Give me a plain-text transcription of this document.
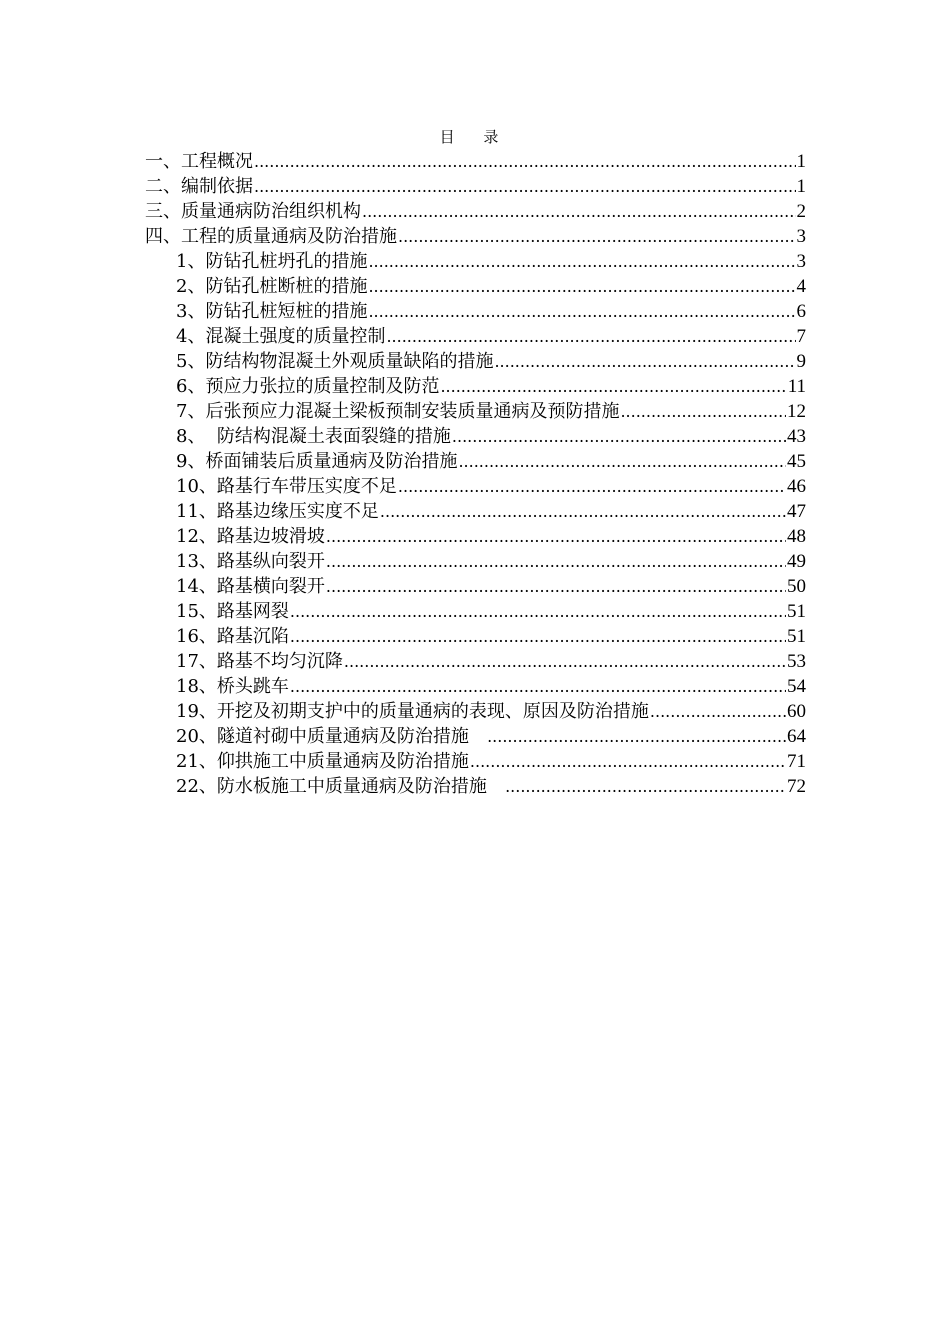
目 录
一、工程概况 .....	1
二、编制依据 .....	1
三、质量通病防治组织机构 .....	2
四、工程的质量通病及防治措施 .....	3
1、防钻孔桩坍孔的措施 .....	3
2、防钻孔桩断桩的措施 .....	4
3、防钻孔桩短桩的措施 .....	6
4、混凝土强度的质量控制 .....	7
5、防结构物混凝土外观质量缺陷的措施 .....	9
6、预应力张拉的质量控制及防范 .....	11
7、后张预应力混凝土梁板预制安装质量通病及预防措施 .....	12
8、  防结构混凝土表面裂缝的措施 .....	43
9、桥面铺装后质量通病及防治措施 .....	45
10、路基行车带压实度不足 .....	46
11、路基边缘压实度不足 .....	47
12、路基边坡滑坡 .....	48
13、路基纵向裂开 .....	49
14、路基横向裂开 .....	50
15、路基网裂 .....	51
16、路基沉陷 .....	51
17、路基不均匀沉降 .....	53
18、桥头跳车 .....	54
19、开挖及初期支护中的质量通病的表现、原因及防治措施 .....	60
20、隧道衬砌中质量通病及防治措施 .....	64
21、仰拱施工中质量通病及防治措施 .....	71
22、防水板施工中质量通病及防治措施 .....	72
